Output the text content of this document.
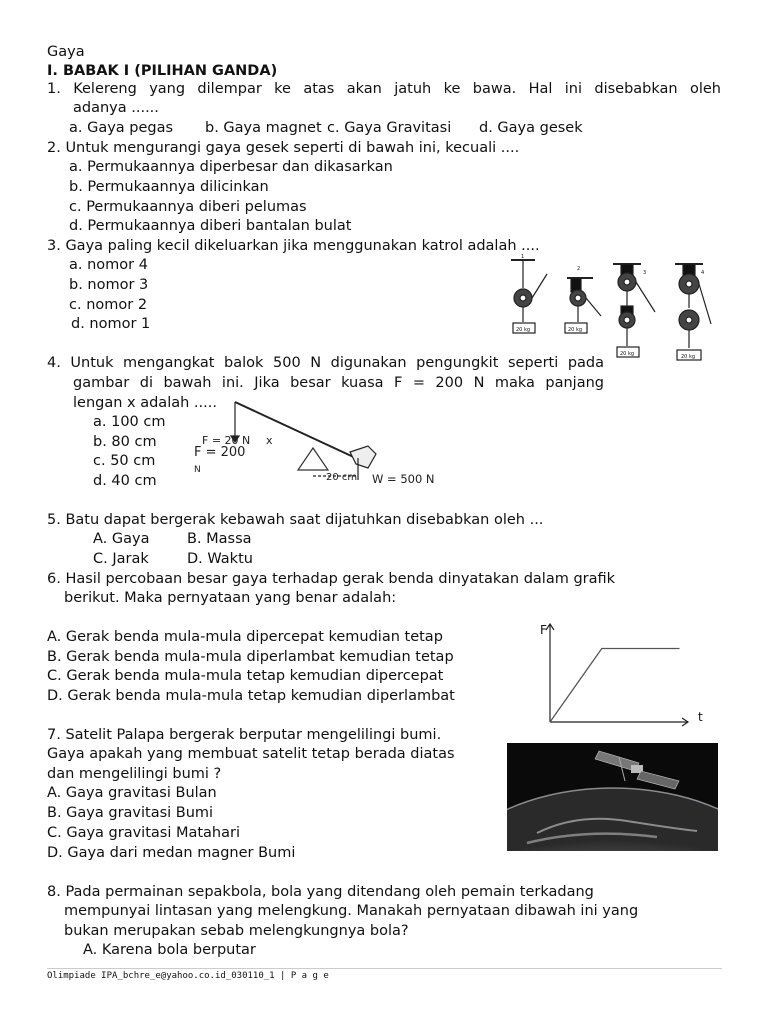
Gaya
I. BABAK I (PILIHAN GANDA)
1. Kelereng yang dilempar ke atas akan jatuh ke bawa. Hal ini disebabkan oleh
adanya ......
a. Gaya pegas b. Gaya magnet c. Gaya Gravitasi d. Gaya gesek
2. Untuk mengurangi gaya gesek seperti di bawah ini, kecuali ....
a. Permukaannya diperbesar dan dikasarkan
b. Permukaannya dilicinkan
c. Permukaannya diberi pelumas
d. Permukaannya diberi bantalan bulat
3. Gaya paling kecil dikeluarkan jika menggunakan katrol adalah ....
a. nomor 4
b. nomor 3
c. nomor 2
d. nomor 1
1
2
3	4
20 kg	20 kg
20 kg	20 kg
4. Untuk mengangkat balok 500 N digunakan pengungkit seperti pada
gambar di bawah ini. Jika besar kuasa F = 200 N maka panjang
lengan x adalah .....
a. 100 cm
b. 80 cm
c. 50 cm
d. 40 cm
F = 20 N x
F = 200
N
20 cm W = 500 N
5. Batu dapat bergerak kebawah saat dijatuhkan disebabkan oleh ...
A. Gaya	B. Massa
C. Jarak	D. Waktu
6. Hasil percobaan besar gaya terhadap gerak benda dinyatakan dalam grafik
berikut. Maka pernyataan yang benar adalah:
A. Gerak benda mula-mula dipercepat kemudian tetap
B. Gerak benda mula-mula diperlambat kemudian tetap
C. Gerak benda mula-mula tetap kemudian dipercepat
D. Gerak benda mula-mula tetap kemudian diperlambat
F
t
7. Satelit Palapa bergerak berputar mengelilingi bumi.
Gaya apakah yang membuat satelit tetap berada diatas
dan mengelilingi bumi ?
A. Gaya gravitasi Bulan
B. Gaya gravitasi Bumi
C. Gaya gravitasi Matahari
D. Gaya dari medan magner Bumi
8. Pada permainan sepakbola, bola yang ditendang oleh pemain terkadang
mempunyai lintasan yang melengkung. Manakah pernyataan dibawah ini yang
bukan merupakan sebab melengkungnya bola?
A. Karena bola berputar
Olimpiade IPA_bchre_e@yahoo.co.id_030110_1 | P a g e
